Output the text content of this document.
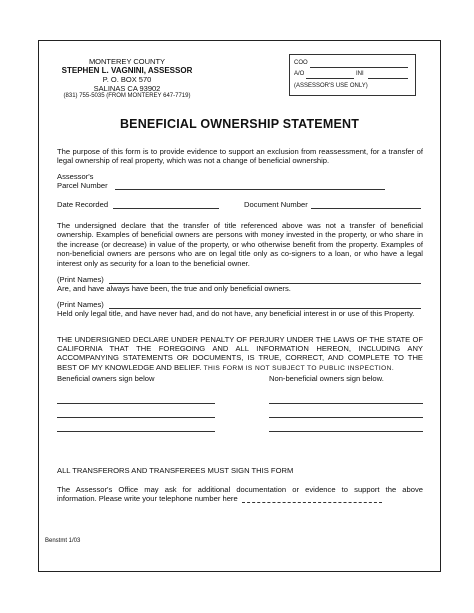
MONTEREY COUNTY
STEPHEN L. VAGNINI, ASSESSOR
P. O. BOX 570
SALINAS CA 93902
(831) 755-5035 (FROM MONTEREY 647-7719)
COO
A/O	INI
(ASSESSOR'S USE ONLY)
BENEFICIAL OWNERSHIP STATEMENT
The purpose of this form is to provide evidence to support an exclusion from reassessment, for a transfer of legal ownership of real property, which was not a change of beneficial ownership.
Assessor's
Parcel Number
Date Recorded	Document Number
The undersigned declare that the transfer of title referenced above was not a transfer of beneficial ownership. Examples of beneficial owners are persons with money invested in the property, or who share in the increase (or decrease) in value of the property, or who otherwise benefit from the property. Examples of non-beneficial owners are persons who are on legal title only as co-signers to a loan, or who have a legal interest only as security for a loan to the beneficial owner.
(Print Names)
Are, and have always have been, the true and only beneficial owners.
(Print Names)
Held only legal title, and have never had, and do not have, any beneficial interest in or use of this Property.
THE UNDERSIGNED DECLARE UNDER PENALTY OF PERJURY UNDER THE LAWS OF THE STATE OF CALIFORNIA THAT THE FOREGOING AND ALL INFORMATION HEREON, INCLUDING ANY ACCOMPANYING STATEMENTS OR DOCUMENTS, IS TRUE, CORRECT, AND COMPLETE TO THE BEST OF MY KNOWLEDGE AND BELIEF. THIS FORM IS NOT SUBJECT TO PUBLIC INSPECTION.
Beneficial owners sign below	Non-beneficial owners sign below.
ALL TRANSFERORS AND TRANSFEREES MUST SIGN THIS FORM
The Assessor's Office may ask for additional documentation or evidence to support the above
information. Please write your telephone number here
Benstmt 1/03
